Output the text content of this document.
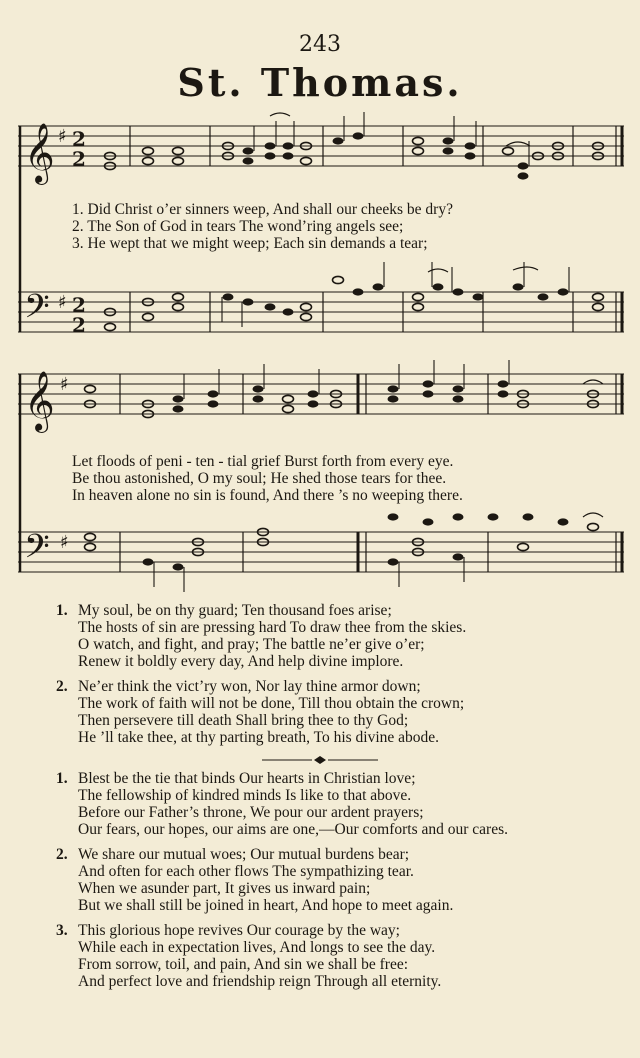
243
St. Thomas.
𝄞 ♯ 2
2
𝄢 ♯ 2
2
1. Did Christ o’er sinners weep, And shall our cheeks be dry?
2. The Son of God in tears The wond’ring angels see;
3. He wept that we might weep; Each sin demands a tear;
𝄞 ♯
𝄢 ♯
Let floods of peni - ten - tial grief Burst forth from every eye.
Be thou astonished, O my soul; He shed those tears for thee.
In heaven alone no sin is found, And there ’s no weeping there.
1. My soul, be on thy guard; Ten thousand foes arise;
The hosts of sin are pressing hard To draw thee from the skies.
O watch, and fight, and pray; The battle ne’er give o’er;
Renew it boldly every day, And help divine implore.
2. Ne’er think the vict’ry won, Nor lay thine armor down;
The work of faith will not be done, Till thou obtain the crown;
Then persevere till death Shall bring thee to thy God;
He ’ll take thee, at thy parting breath, To his divine abode.
1. Blest be the tie that binds Our hearts in Christian love;
The fellowship of kindred minds Is like to that above.
Before our Father’s throne, We pour our ardent prayers;
Our fears, our hopes, our aims are one,—Our comforts and our cares.
2. We share our mutual woes; Our mutual burdens bear;
And often for each other flows The sympathizing tear.
When we asunder part, It gives us inward pain;
But we shall still be joined in heart, And hope to meet again.
3. This glorious hope revives Our courage by the way;
While each in expectation lives, And longs to see the day.
From sorrow, toil, and pain, And sin we shall be free:
And perfect love and friendship reign Through all eternity.
